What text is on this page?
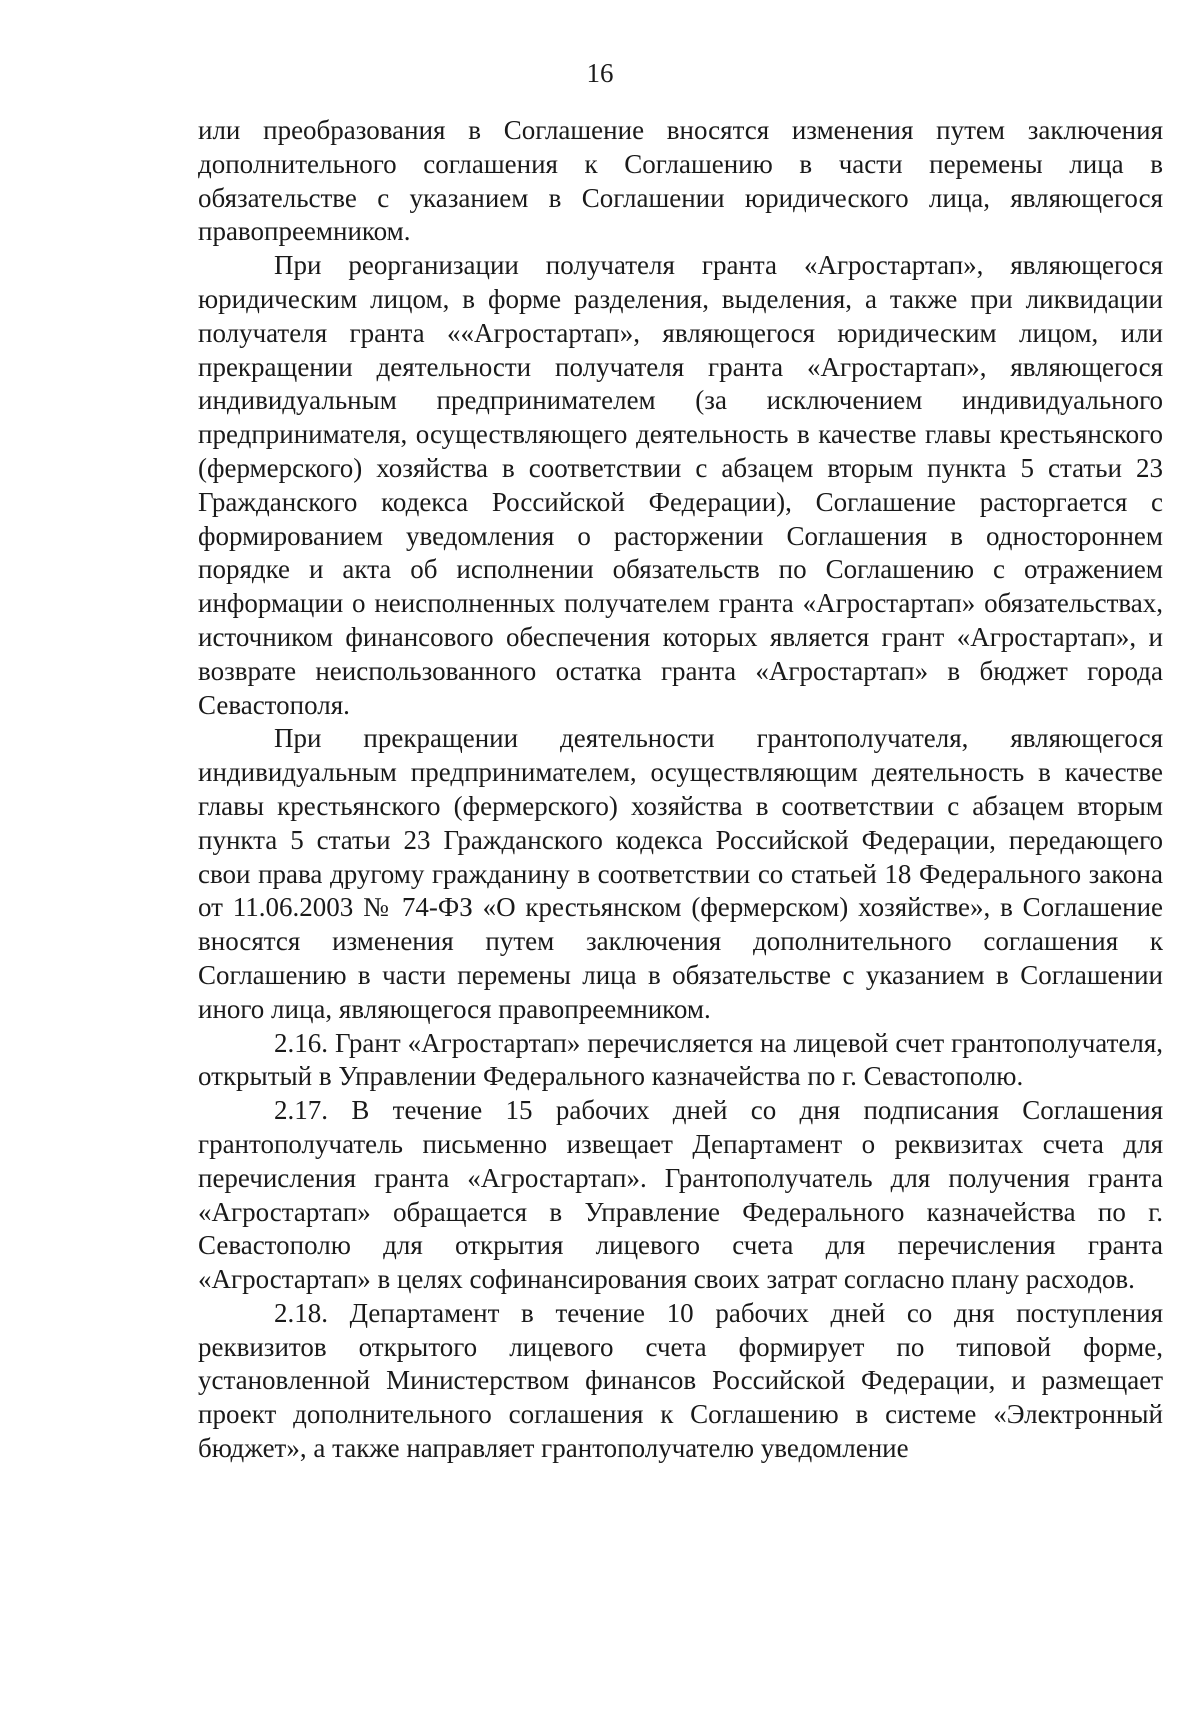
16

или преобразования в Соглашение вносятся изменения путем заключения дополнительного соглашения к Соглашению в части перемены лица в обязательстве с указанием в Соглашении юридического лица, являющегося правопреемником.

При реорганизации получателя гранта «Агростартап», являющегося юридическим лицом, в форме разделения, выделения, а также при ликвидации получателя гранта ««Агростартап», являющегося юридическим лицом, или прекращении деятельности получателя гранта «Агростартап», являющегося индивидуальным предпринимателем (за исключением индивидуального предпринимателя, осуществляющего деятельность в качестве главы крестьянского (фермерского) хозяйства в соответствии с абзацем вторым пункта 5 статьи 23 Гражданского кодекса Российской Федерации), Соглашение расторгается с формированием уведомления о расторжении Соглашения в одностороннем порядке и акта об исполнении обязательств по Соглашению с отражением информации о неисполненных получателем гранта «Агростартап» обязательствах, источником финансового обеспечения которых является грант «Агростартап», и возврате неиспользованного остатка гранта «Агростартап» в бюджет города Севастополя.

При прекращении деятельности грантополучателя, являющегося индивидуальным предпринимателем, осуществляющим деятельность в качестве главы крестьянского (фермерского) хозяйства в соответствии с абзацем вторым пункта 5 статьи 23 Гражданского кодекса Российской Федерации, передающего свои права другому гражданину в соответствии со статьей 18 Федерального закона от 11.06.2003 № 74-ФЗ «О крестьянском (фермерском) хозяйстве», в Соглашение вносятся изменения путем заключения дополнительного соглашения к Соглашению в части перемены лица в обязательстве с указанием в Соглашении иного лица, являющегося правопреемником.

2.16. Грант «Агростартап» перечисляется на лицевой счет грантополучателя, открытый в Управлении Федерального казначейства по г. Севастополю.

2.17. В течение 15 рабочих дней со дня подписания Соглашения грантополучатель письменно извещает Департамент о реквизитах счета для перечисления гранта «Агростартап». Грантополучатель для получения гранта «Агростартап» обращается в Управление Федерального казначейства по г. Севастополю для открытия лицевого счета для перечисления гранта «Агростартап» в целях софинансирования своих затрат согласно плану расходов.

2.18. Департамент в течение 10 рабочих дней со дня поступления реквизитов открытого лицевого счета формирует по типовой форме, установленной Министерством финансов Российской Федерации, и размещает проект дополнительного соглашения к Соглашению в системе «Электронный бюджет», а также направляет грантополучателю уведомление
